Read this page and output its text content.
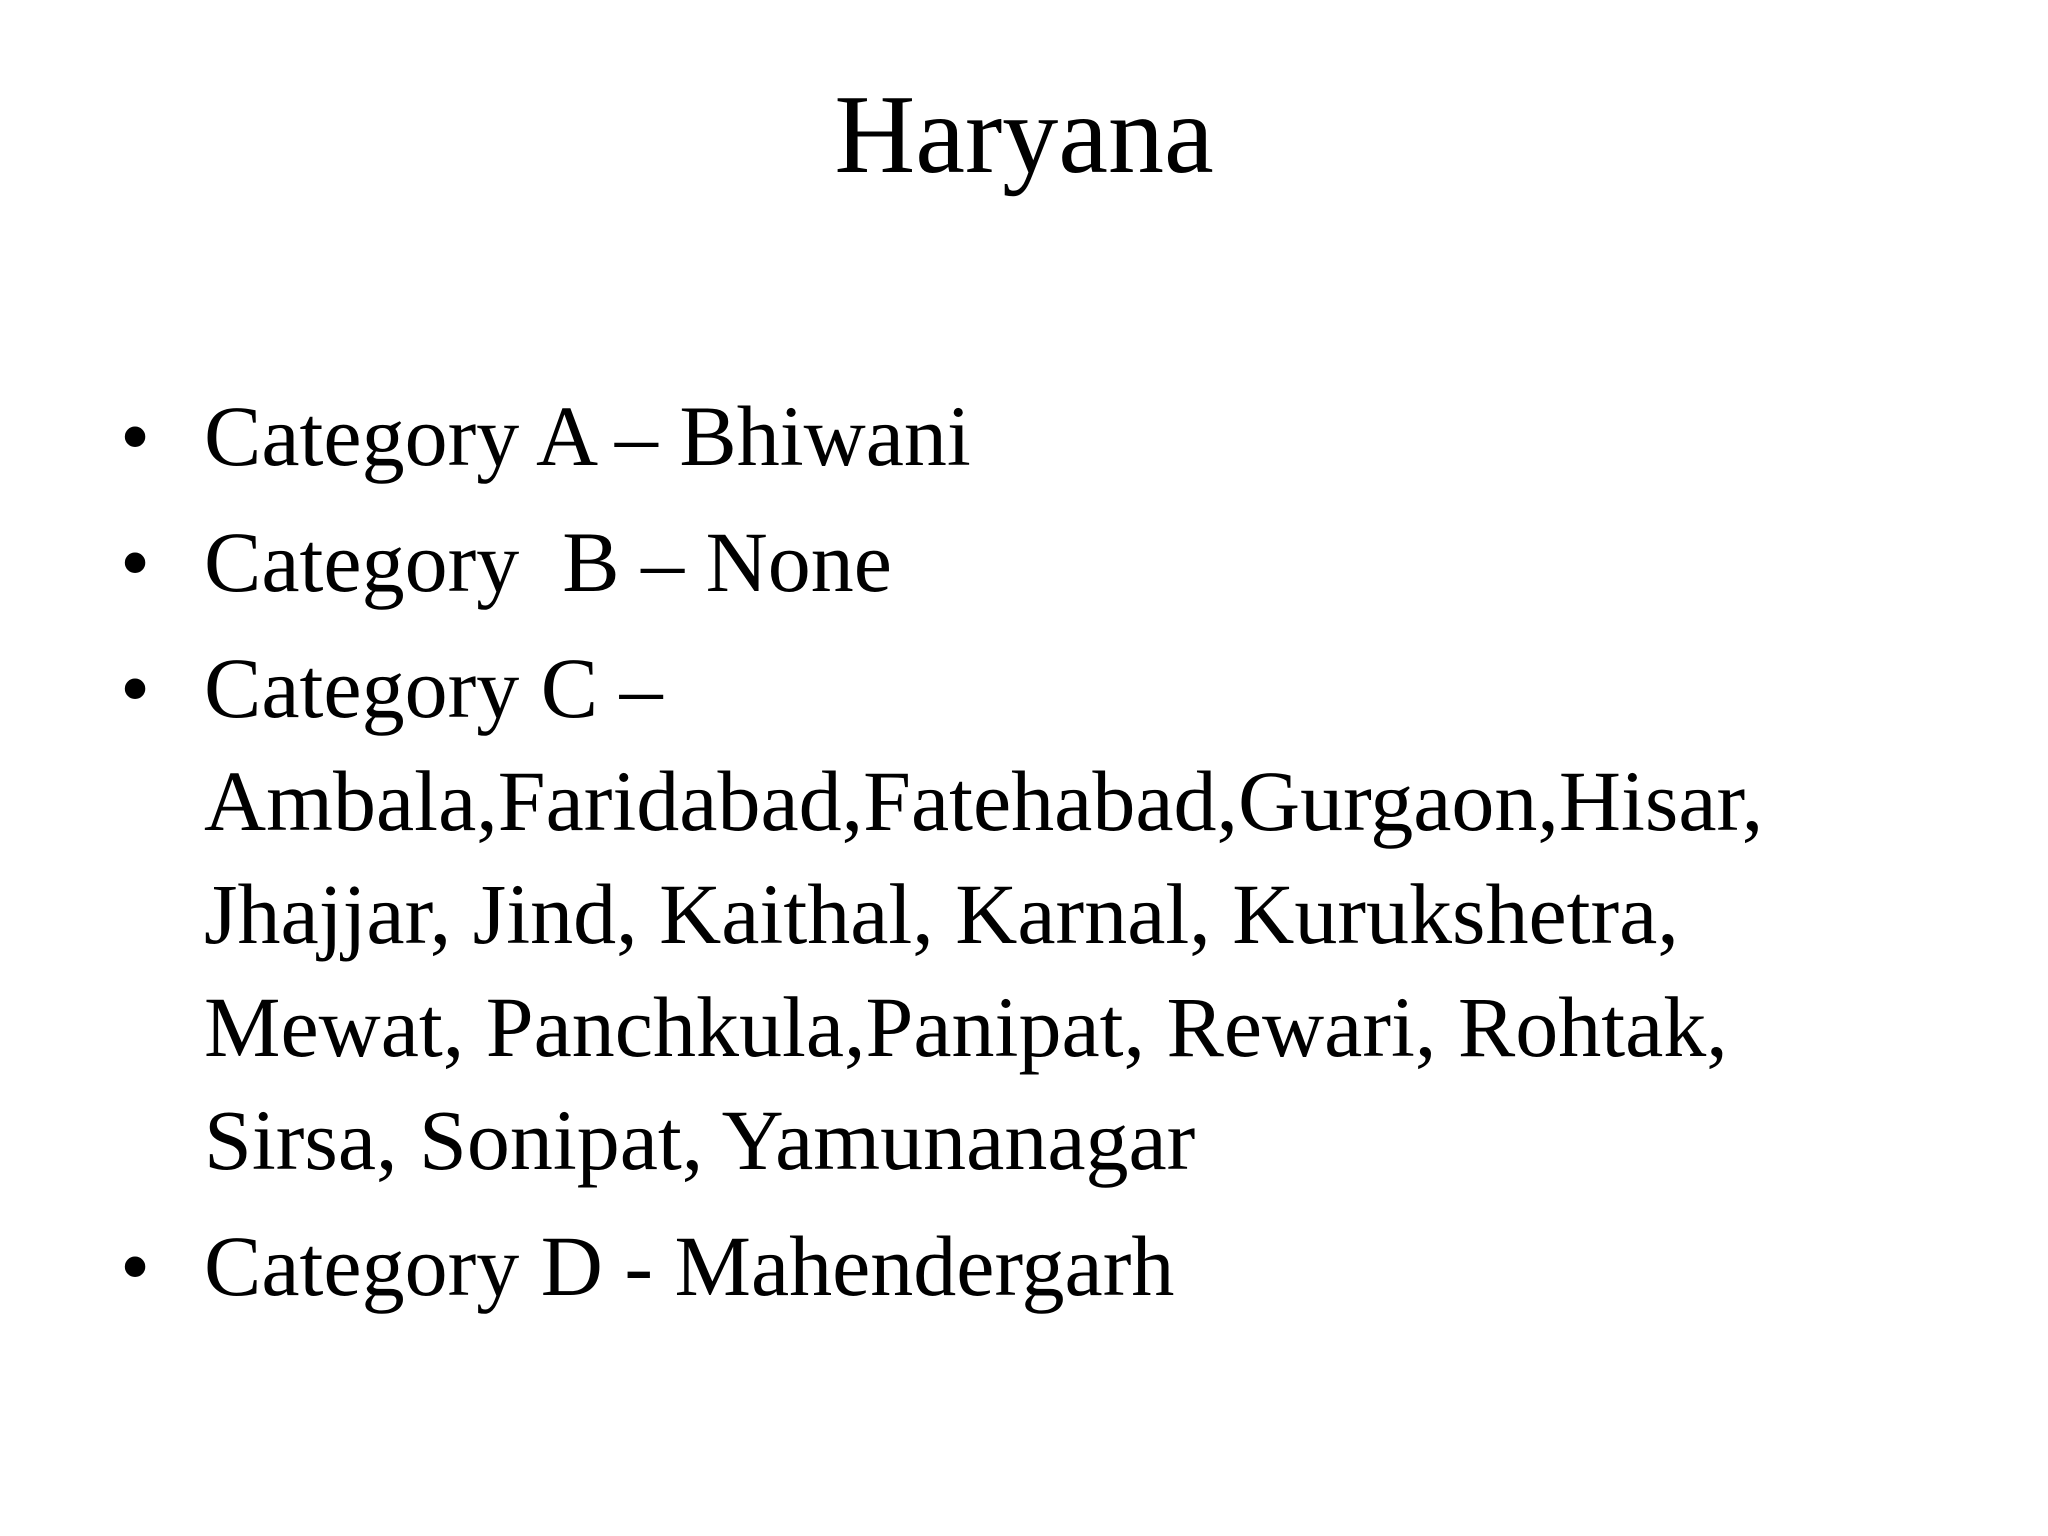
Haryana
• Category A – Bhiwani
• Category  B – None
• Category C –
Ambala,Faridabad,Fatehabad,Gurgaon,Hisar,
Jhajjar, Jind, Kaithal, Karnal, Kurukshetra,
Mewat, Panchkula,Panipat, Rewari, Rohtak,
Sirsa, Sonipat, Yamunanagar
• Category D - Mahendergarh
